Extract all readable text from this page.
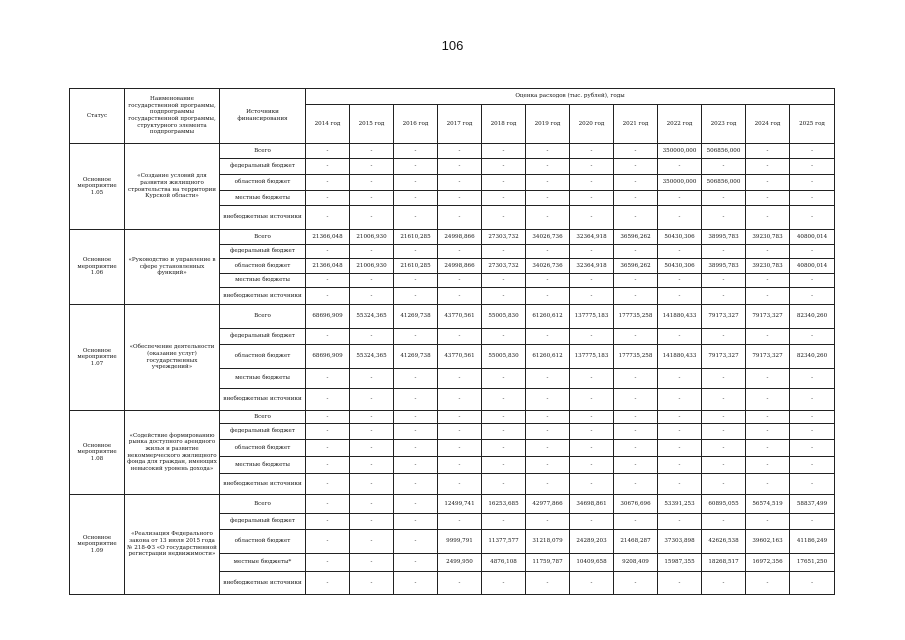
106
Статус	Наименование государственной программы, подпрограммы государственной программы, структурного элемента подпрограммы	Источники финансирования	Оценка расходов (тыс. рублей), годы											
			2014 год	2015 год	2016 год	2017 год	2018 год	2019 год	2020 год	2021 год	2022 год	2023 год	2024 год	2025 год
Основное мероприятие 1.05	«Создание условий для развития жилищного строительства на территории Курской области»	Всего	-	-	-	-	-	-	-	-	350000,000	506856,000	-	-
		федеральный бюджет	-	-	-	-	-	-	-	-	-	-	-	-
		областной бюджет	-	-	-	-	-	-	-	-	350000,000	506856,000	-	-
		местные бюджеты	-	-	-	-	-	-	-	-	-	-	-	-
		внебюджетные источники	-	-	-	-	-	-	-	-	-	-	-	-
Основное мероприятие 1.06	«Руководство и управление в сфере установленных функций»	Всего	21366,048	21006,930	21610,285	24998,866	27303,732	34026,736	32364,918	36596,262	50430,306	38995,783	39230,783	40800,014
		федеральный бюджет	-	-	-	-	-	-	-	-	-	-	-	-
		областной бюджет	21366,048	21006,930	21610,285	24998,866	27303,732	34026,736	32364,918	36596,262	50430,306	38995,783	39230,783	40800,014
		местные бюджеты	-	-	-	-	-	-	-	-	-	-	-	-
		внебюджетные источники	-	-	-	-	-	-	-	-	-	-	-	-
Основное мероприятие 1.07	«Обеспечение деятельности (оказание услуг) государственных учреждений»	Всего	68696,909	55324,365	41269,738	43770,561	55005,830	61260,612	137775,183	177735,258	141880,433	79173,327	79173,327	82340,260
		федеральный бюджет	-	-	-	-	-	-	-	-	-	-	-	-
		областной бюджет	68696,909	55324,365	41269,738	43770,561	55005,830	61260,612	137775,183	177735,258	141880,433	79173,327	79173,327	82340,260
		местные бюджеты	-	-	-	-	-	-	-	-	-	-	-	-
		внебюджетные источники	-	-	-	-	-	-	-	-	-	-	-	-
Основное мероприятие 1.08	«Содействие формированию рынка доступного арендного жилья и развитие некоммерческого жилищного фонда для граждан, имеющих невысокий уровень дохода»	Всего	-	-	-	-	-	-	-	-	-	-	-	-
		федеральный бюджет	-	-	-	-	-	-	-	-	-	-	-	-
		областной бюджет	-	-	-	-	-	-	-	-	-	-	-	-
		местные бюджеты	-	-	-	-	-	-	-	-	-	-	-	-
		внебюджетные источники	-	-	-	-	-	-	-	-	-	-	-	-
Основное мероприятие 1.09	«Реализация Федерального закона от 13 июля 2015 года № 218-ФЗ «О государственной регистрации недвижимости»	Всего	-	-	-	12499,741	16253,685	42977,866	34698,861	30676,696	53391,253	60895,055	56574,519	58837,499
		федеральный бюджет	-	-	-	-	-	-	-	-	-	-	-	-
		областной бюджет	-	-	-	9999,791	11377,577	31218,079	24289,203	21468,287	37303,898	42626,538	39602,163	41186,249
		местные бюджеты*	-	-	-	2499,950	4876,108	11759,787	10409,658	9208,409	15987,355	18268,517	16972,356	17651,250
		внебюджетные источники	-	-	-	-	-	-	-	-	-	-	-	-
